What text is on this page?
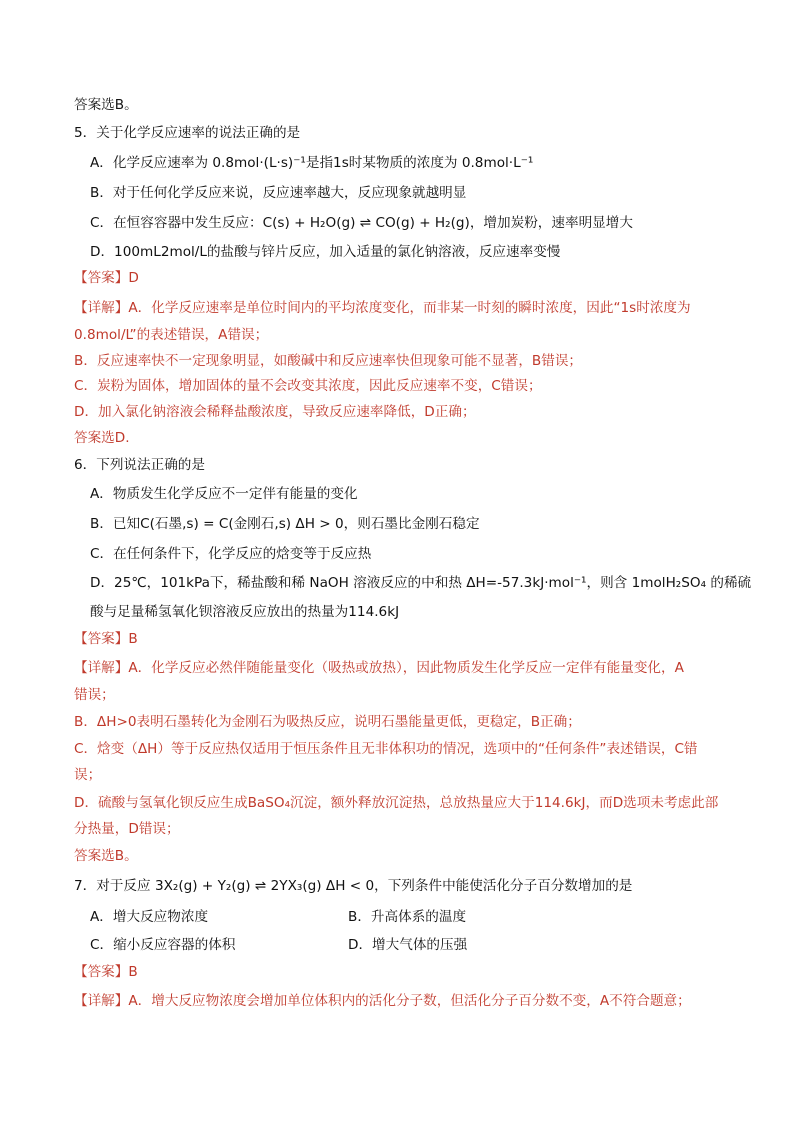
答案选B。
5．关于化学反应速率的说法正确的是
A．化学反应速率为 0.8mol·(L·s)⁻¹是指1s时某物质的浓度为 0.8mol·L⁻¹
B．对于任何化学反应来说，反应速率越大，反应现象就越明显
C．在恒容容器中发生反应：C(s) + H₂O(g) ⇌ CO(g) + H₂(g)，增加炭粉，速率明显增大
D．100mL2mol/L的盐酸与锌片反应，加入适量的氯化钠溶液，反应速率变慢
【答案】D
【详解】A．化学反应速率是单位时间内的平均浓度变化，而非某一时刻的瞬时浓度，因此“1s时浓度为
0.8mol/L”的表述错误，A错误；
B．反应速率快不一定现象明显，如酸碱中和反应速率快但现象可能不显著，B错误；
C．炭粉为固体，增加固体的量不会改变其浓度，因此反应速率不变，C错误；
D．加入氯化钠溶液会稀释盐酸浓度，导致反应速率降低，D正确；
答案选D.
6．下列说法正确的是
A．物质发生化学反应不一定伴有能量的变化
B．已知C(石墨,s) = C(金刚石,s) ΔH > 0，则石墨比金刚石稳定
C．在任何条件下，化学反应的焓变等于反应热
D．25℃，101kPa下，稀盐酸和稀 NaOH 溶液反应的中和热 ΔH=-57.3kJ·mol⁻¹，则含 1molH₂SO₄ 的稀硫
酸与足量稀氢氧化钡溶液反应放出的热量为114.6kJ
【答案】B
【详解】A．化学反应必然伴随能量变化（吸热或放热），因此物质发生化学反应一定伴有能量变化，A
错误；
B．ΔH>0表明石墨转化为金刚石为吸热反应，说明石墨能量更低，更稳定，B正确；
C．焓变（ΔH）等于反应热仅适用于恒压条件且无非体积功的情况，选项中的“任何条件”表述错误，C错
误；
D．硫酸与氢氧化钡反应生成BaSO₄沉淀，额外释放沉淀热，总放热量应大于114.6kJ，而D选项未考虑此部
分热量，D错误；
答案选B。
7．对于反应 3X₂(g) + Y₂(g) ⇌ 2YX₃(g) ΔH < 0，下列条件中能使活化分子百分数增加的是
A．增大反应物浓度	B．升高体系的温度
C．缩小反应容器的体积	D．增大气体的压强
【答案】B
【详解】A．增大反应物浓度会增加单位体积内的活化分子数，但活化分子百分数不变，A不符合题意；
